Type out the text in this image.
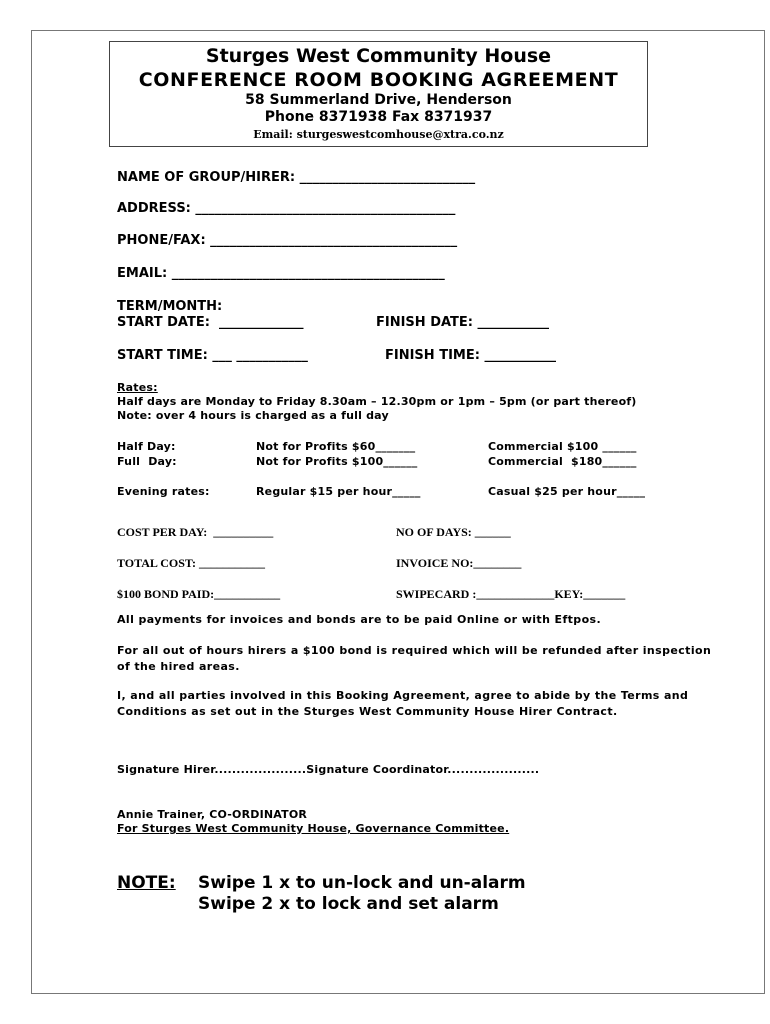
Sturges West Community House
CONFERENCE ROOM BOOKING AGREEMENT
58 Summerland Drive, Henderson
Phone 8371938 Fax 8371937
Email: sturgeswestcomhouse@xtra.co.nz
NAME OF GROUP/HIRER: ___________________________
ADDRESS: ________________________________________
PHONE/FAX: ______________________________________
EMAIL: __________________________________________
TERM/MONTH:
START DATE:  _____________	FINISH DATE: ___________
START TIME: ___ ___________	FINISH TIME: ___________
Rates:
Half days are Monday to Friday 8.30am – 12.30pm or 1pm – 5pm (or part thereof)
Note: over 4 hours is charged as a full day
Half Day:	Not for Profits $60_______	Commercial $100 ______
Full  Day:	Not for Profits $100______	Commercial  $180______
Evening rates:	Regular $15 per hour_____	Casual $25 per hour_____
COST PER DAY:  __________	NO OF DAYS: ______
TOTAL COST: ___________	INVOICE NO:________
$100 BOND PAID:___________	SWIPECARD :_____________KEY:_______
All payments for invoices and bonds are to be paid Online or with Eftpos.
For all out of hours hirers a $100 bond is required which will be refunded after inspection of the hired areas.
I, and all parties involved in this Booking Agreement, agree to abide by the Terms and Conditions as set out in the Sturges West Community House Hirer Contract.
Signature Hirer.....................Signature Coordinator.....................
Annie Trainer, CO-ORDINATOR
For Sturges West Community House, Governance Committee.
NOTE: Swipe 1 x to un-lock and un-alarm
Swipe 2 x to lock and set alarm
